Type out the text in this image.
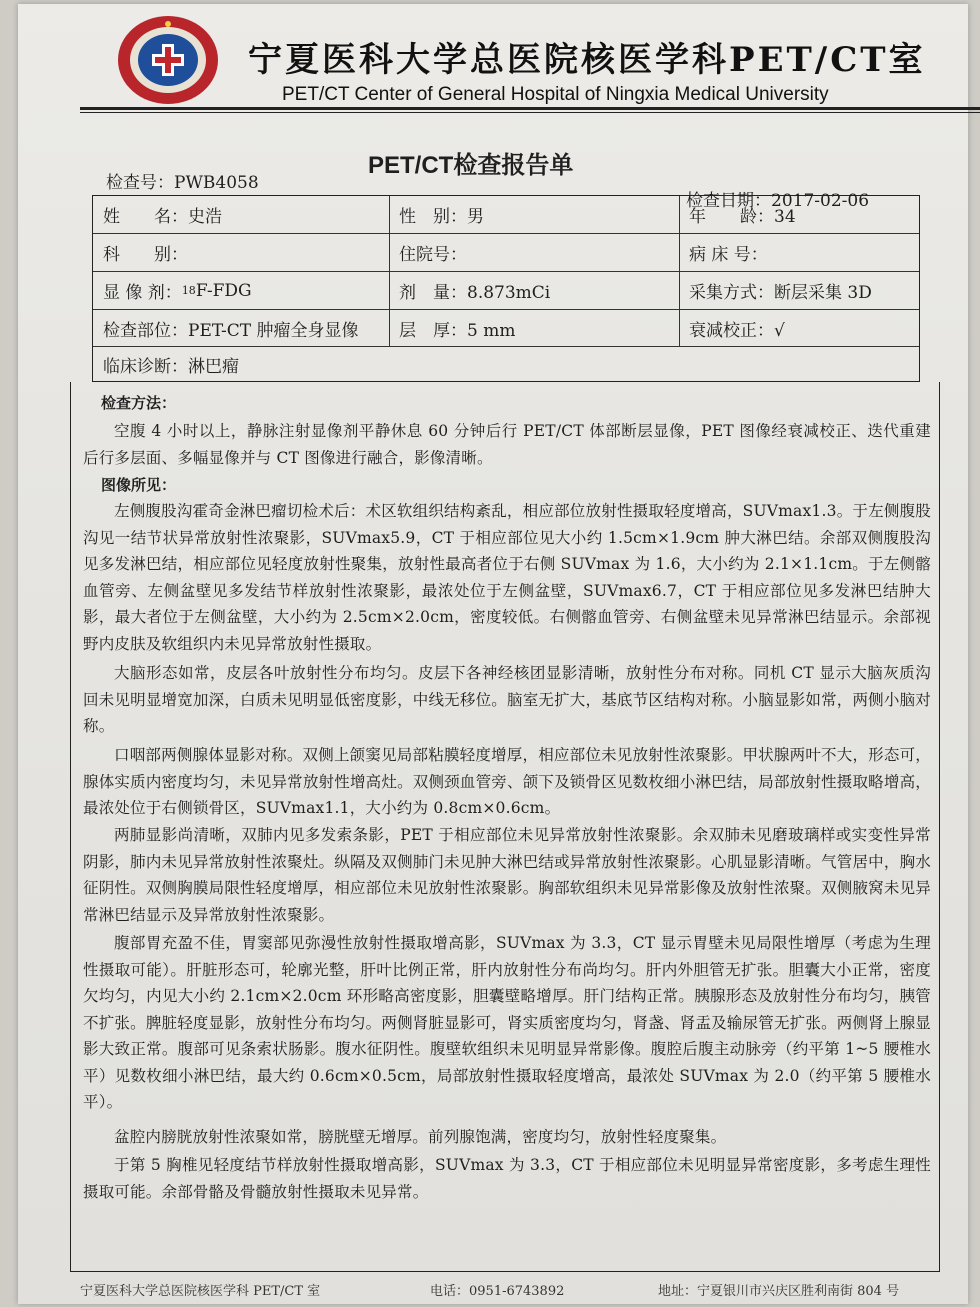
宁夏医科大学总医院核医学科PET/CT室
PET/CT Center of General Hospital of Ningxia Medical University
PET/CT检查报告单
检查号：PWB4058
检查日期：2017-02-06
姓　　名：史浩	性　别：男	年　　龄：34
科　　别：	住院号：	病 床 号：
显 像 剂： 18 F-FDG	剂　量：8.873mCi	采集方式：断层采集 3D
检查部位：PET-CT 肿瘤全身显像	层　厚：5 mm	衰减校正：√
临床诊断：淋巴瘤
检查方法：
空腹 4 小时以上，静脉注射显像剂平静休息 60 分钟后行 PET/CT 体部断层显像，PET 图像经衰减校正、迭代重建后行多层面、多幅显像并与 CT 图像进行融合，影像清晰。
图像所见：
左侧腹股沟霍奇金淋巴瘤切检术后：术区软组织结构紊乱，相应部位放射性摄取轻度增高，SUVmax1.3。于左侧腹股沟见一结节状异常放射性浓聚影，SUVmax5.9，CT 于相应部位见大小约 1.5cm×1.9cm 肿大淋巴结。余部双侧腹股沟见多发淋巴结，相应部位见轻度放射性聚集，放射性最高者位于右侧 SUVmax 为 1.6，大小约为 2.1×1.1cm。于左侧髂血管旁、左侧盆壁见多发结节样放射性浓聚影，最浓处位于左侧盆壁，SUVmax6.7，CT 于相应部位见多发淋巴结肿大影，最大者位于左侧盆壁，大小约为 2.5cm×2.0cm，密度较低。右侧髂血管旁、右侧盆壁未见异常淋巴结显示。余部视野内皮肤及软组织内未见异常放射性摄取。
大脑形态如常，皮层各叶放射性分布均匀。皮层下各神经核团显影清晰，放射性分布对称。同机 CT 显示大脑灰质沟回未见明显增宽加深，白质未见明显低密度影，中线无移位。脑室无扩大，基底节区结构对称。小脑显影如常，两侧小脑对称。
口咽部两侧腺体显影对称。双侧上颌窦见局部粘膜轻度增厚，相应部位未见放射性浓聚影。甲状腺两叶不大，形态可，腺体实质内密度均匀，未见异常放射性增高灶。双侧颈血管旁、颌下及锁骨区见数枚细小淋巴结，局部放射性摄取略增高，最浓处位于右侧锁骨区，SUVmax1.1，大小约为 0.8cm×0.6cm。
两肺显影尚清晰，双肺内见多发索条影，PET 于相应部位未见异常放射性浓聚影。余双肺未见磨玻璃样或实变性异常阴影，肺内未见异常放射性浓聚灶。纵隔及双侧肺门未见肿大淋巴结或异常放射性浓聚影。心肌显影清晰。气管居中，胸水征阴性。双侧胸膜局限性轻度增厚，相应部位未见放射性浓聚影。胸部软组织未见异常影像及放射性浓聚。双侧腋窝未见异常淋巴结显示及异常放射性浓聚影。
腹部胃充盈不佳，胃窦部见弥漫性放射性摄取增高影，SUVmax 为 3.3，CT 显示胃壁未见局限性增厚（考虑为生理性摄取可能）。肝脏形态可，轮廓光整，肝叶比例正常，肝内放射性分布尚均匀。肝内外胆管无扩张。胆囊大小正常，密度欠均匀，内见大小约 2.1cm×2.0cm 环形略高密度影，胆囊壁略增厚。肝门结构正常。胰腺形态及放射性分布均匀，胰管不扩张。脾脏轻度显影，放射性分布均匀。两侧肾脏显影可，肾实质密度均匀，肾盏、肾盂及输尿管无扩张。两侧肾上腺显影大致正常。腹部可见条索状肠影。腹水征阴性。腹壁软组织未见明显异常影像。腹腔后腹主动脉旁（约平第 1~5 腰椎水平）见数枚细小淋巴结，最大约 0.6cm×0.5cm，局部放射性摄取轻度增高，最浓处 SUVmax 为 2.0（约平第 5 腰椎水平）。
盆腔内膀胱放射性浓聚如常，膀胱壁无增厚。前列腺饱满，密度均匀，放射性轻度聚集。
于第 5 胸椎见轻度结节样放射性摄取增高影，SUVmax 为 3.3，CT 于相应部位未见明显异常密度影，多考虑生理性摄取可能。余部骨骼及骨髓放射性摄取未见异常。
宁夏医科大学总医院核医学科 PET/CT 室	电话：0951-6743892	地址：宁夏银川市兴庆区胜利南街 804 号
